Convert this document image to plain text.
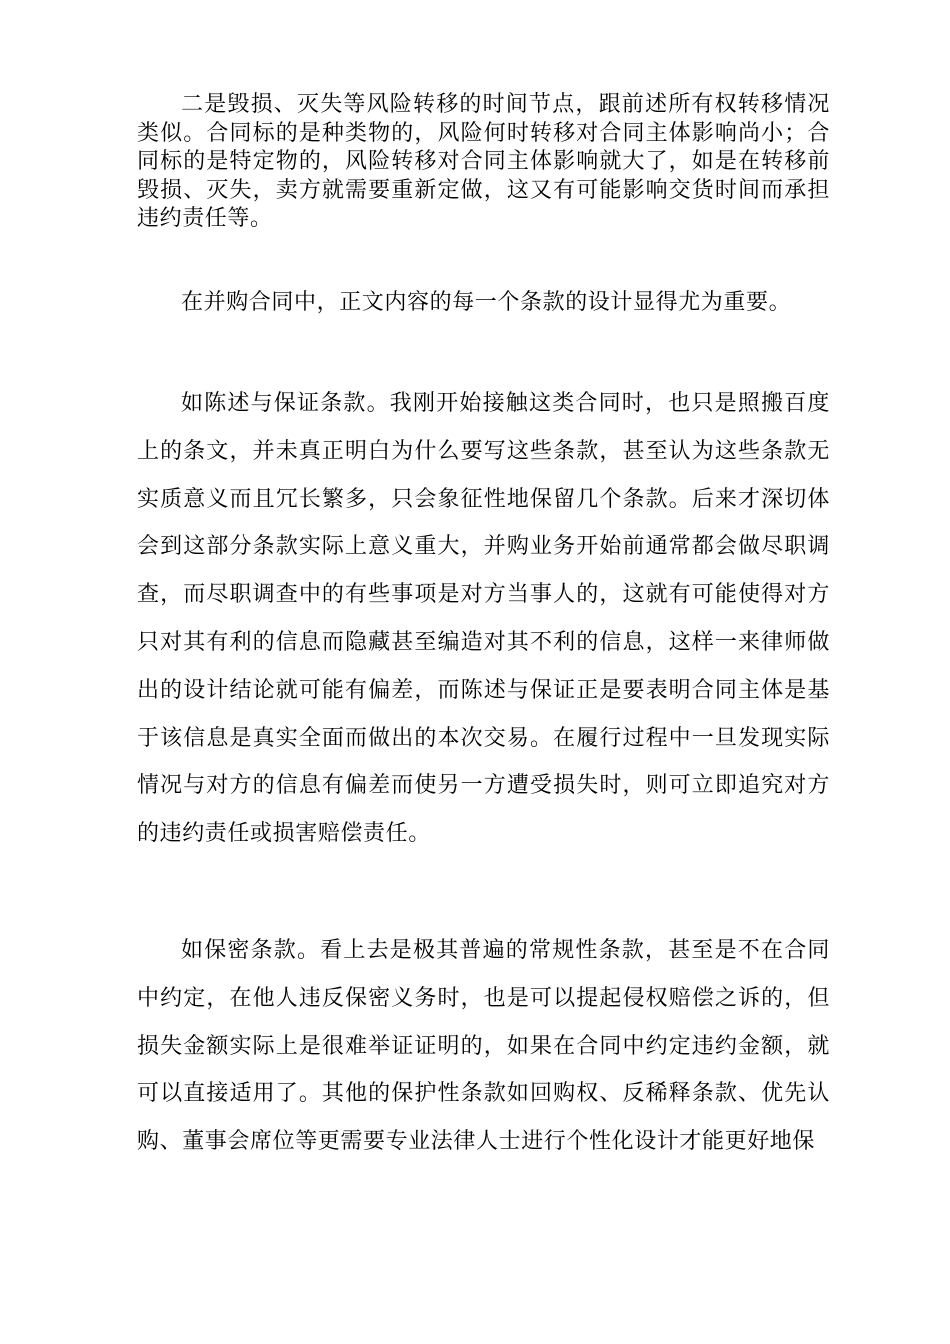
二是毁损、灭失等风险转移的时间节点，跟前述所有权转移情况类似。合同标的是种类物的，风险何时转移对合同主体影响尚小；合同标的是特定物的，风险转移对合同主体影响就大了，如是在转移前毁损、灭失，卖方就需要重新定做，这又有可能影响交货时间而承担违约责任等。

在并购合同中，正文内容的每一个条款的设计显得尤为重要。

如陈述与保证条款。我刚开始接触这类合同时，也只是照搬百度上的条文，并未真正明白为什么要写这些条款，甚至认为这些条款无实质意义而且冗长繁多，只会象征性地保留几个条款。后来才深切体会到这部分条款实际上意义重大，并购业务开始前通常都会做尽职调查，而尽职调查中的有些事项是对方当事人的，这就有可能使得对方只对其有利的信息而隐藏甚至编造对其不利的信息，这样一来律师做出的设计结论就可能有偏差，而陈述与保证正是要表明合同主体是基于该信息是真实全面而做出的本次交易。在履行过程中一旦发现实际情况与对方的信息有偏差而使另一方遭受损失时，则可立即追究对方的违约责任或损害赔偿责任。

如保密条款。看上去是极其普遍的常规性条款，甚至是不在合同中约定，在他人违反保密义务时，也是可以提起侵权赔偿之诉的，但损失金额实际上是很难举证证明的，如果在合同中约定违约金额，就可以直接适用了。其他的保护性条款如回购权、反稀释条款、优先认购、董事会席位等更需要专业法律人士进行个性化设计才能更好地保
